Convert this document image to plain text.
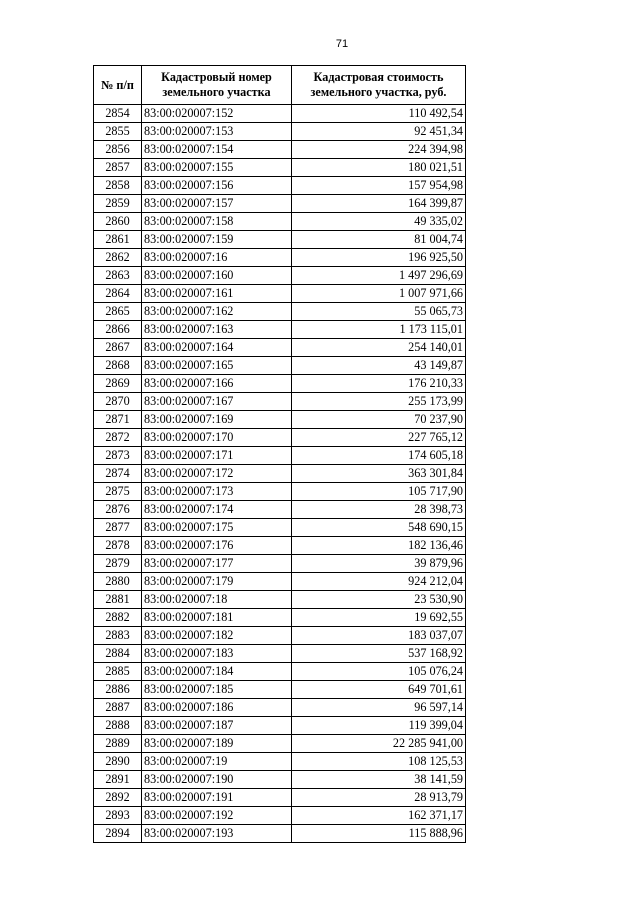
71
№ п/п	Кадастровый номер земельного участка	Кадастровая стоимость земельного участка, руб.
2854	83:00:020007:152	110 492,54
2855	83:00:020007:153	92 451,34
2856	83:00:020007:154	224 394,98
2857	83:00:020007:155	180 021,51
2858	83:00:020007:156	157 954,98
2859	83:00:020007:157	164 399,87
2860	83:00:020007:158	49 335,02
2861	83:00:020007:159	81 004,74
2862	83:00:020007:16	196 925,50
2863	83:00:020007:160	1 497 296,69
2864	83:00:020007:161	1 007 971,66
2865	83:00:020007:162	55 065,73
2866	83:00:020007:163	1 173 115,01
2867	83:00:020007:164	254 140,01
2868	83:00:020007:165	43 149,87
2869	83:00:020007:166	176 210,33
2870	83:00:020007:167	255 173,99
2871	83:00:020007:169	70 237,90
2872	83:00:020007:170	227 765,12
2873	83:00:020007:171	174 605,18
2874	83:00:020007:172	363 301,84
2875	83:00:020007:173	105 717,90
2876	83:00:020007:174	28 398,73
2877	83:00:020007:175	548 690,15
2878	83:00:020007:176	182 136,46
2879	83:00:020007:177	39 879,96
2880	83:00:020007:179	924 212,04
2881	83:00:020007:18	23 530,90
2882	83:00:020007:181	19 692,55
2883	83:00:020007:182	183 037,07
2884	83:00:020007:183	537 168,92
2885	83:00:020007:184	105 076,24
2886	83:00:020007:185	649 701,61
2887	83:00:020007:186	96 597,14
2888	83:00:020007:187	119 399,04
2889	83:00:020007:189	22 285 941,00
2890	83:00:020007:19	108 125,53
2891	83:00:020007:190	38 141,59
2892	83:00:020007:191	28 913,79
2893	83:00:020007:192	162 371,17
2894	83:00:020007:193	115 888,96
